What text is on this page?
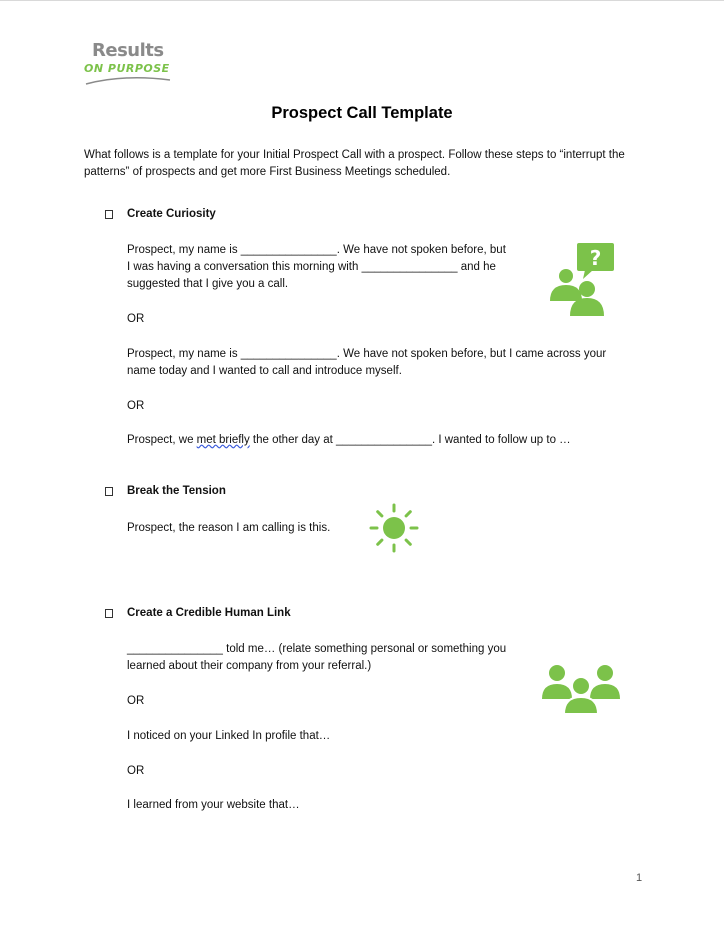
Results
ON PURPOSE
Prospect Call Template

What follows is a template for your Initial Prospect Call with a prospect. Follow these steps to “interrupt the patterns” of prospects and get more First Business Meetings scheduled.

Create Curiosity

Prospect, my name is _______________. We have not spoken before, but

I was having a conversation this morning with _______________ and he

suggested that I give you a call.

OR

Prospect, my name is _______________. We have not spoken before, but I came across your

name today and I wanted to call and introduce myself.

OR

Prospect, we met briefly the other day at _______________. I wanted to follow up to …

?

Break the Tension

Prospect, the reason I am calling is this.

Create a Credible Human Link

_______________ told me… (relate something personal or something you

learned about their company from your referral.)

OR

I noticed on your Linked In profile that…

OR

I learned from your website that…

1
